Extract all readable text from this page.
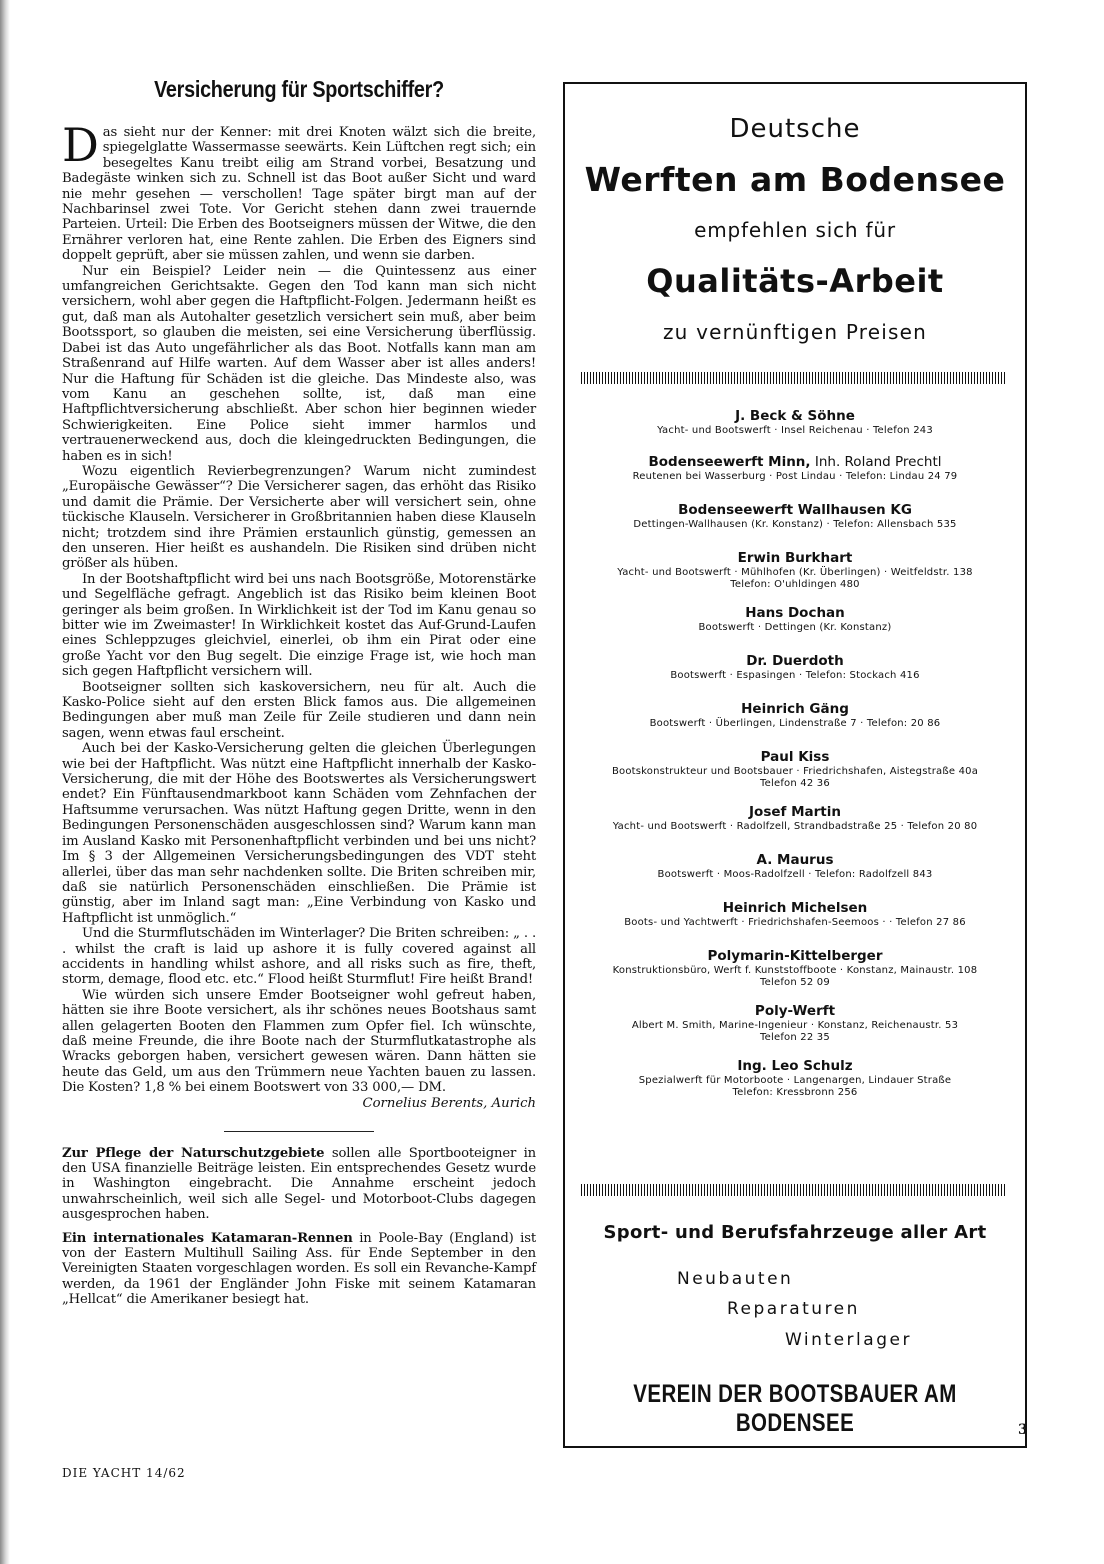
Versicherung für Sportschiffer?

Das sieht nur der Kenner: mit drei Knoten wälzt sich die breite, spiegelglatte Wassermasse seewärts. Kein Lüftchen regt sich; ein besegeltes Kanu treibt eilig am Strand vorbei, Besatzung und Badegäste winken sich zu. Schnell ist das Boot außer Sicht und ward nie mehr gesehen — verschollen! Tage später birgt man auf der Nachbarinsel zwei Tote. Vor Gericht stehen dann zwei trauernde Parteien. Urteil: Die Erben des Bootseigners müssen der Witwe, die den Ernährer verloren hat, eine Rente zahlen. Die Erben des Eigners sind doppelt geprüft, aber sie müssen zahlen, und wenn sie darben.

Nur ein Beispiel? Leider nein — die Quintessenz aus einer umfangreichen Gerichtsakte. Gegen den Tod kann man sich nicht versichern, wohl aber gegen die Haftpflicht-Folgen. Jedermann heißt es gut, daß man als Autohalter gesetzlich versichert sein muß, aber beim Bootssport, so glauben die meisten, sei eine Versicherung überflüssig. Dabei ist das Auto ungefährlicher als das Boot. Notfalls kann man am Straßenrand auf Hilfe warten. Auf dem Wasser aber ist alles anders! Nur die Haftung für Schäden ist die gleiche. Das Mindeste also, was vom Kanu an geschehen sollte, ist, daß man eine Haftpflichtversicherung abschließt. Aber schon hier beginnen wieder Schwierigkeiten. Eine Police sieht immer harmlos und vertrauenerweckend aus, doch die kleingedruckten Bedingungen, die haben es in sich!

Wozu eigentlich Revierbegrenzungen? Warum nicht zumindest „Europäische Gewässer“? Die Versicherer sagen, das erhöht das Risiko und damit die Prämie. Der Versicherte aber will versichert sein, ohne tückische Klauseln. Versicherer in Großbritannien haben diese Klauseln nicht; trotzdem sind ihre Prämien erstaunlich günstig, gemessen an den unseren. Hier heißt es aushandeln. Die Risiken sind drüben nicht größer als hüben.

In der Bootshaftpflicht wird bei uns nach Bootsgröße, Motorenstärke und Segelfläche gefragt. Angeblich ist das Risiko beim kleinen Boot geringer als beim großen. In Wirklichkeit ist der Tod im Kanu genau so bitter wie im Zweimaster! In Wirklichkeit kostet das Auf-Grund-Laufen eines Schleppzuges gleichviel, einerlei, ob ihm ein Pirat oder eine große Yacht vor den Bug segelt. Die einzige Frage ist, wie hoch man sich gegen Haftpflicht versichern will.

Bootseigner sollten sich kaskoversichern, neu für alt. Auch die Kasko-Police sieht auf den ersten Blick famos aus. Die allgemeinen Bedingungen aber muß man Zeile für Zeile studieren und dann nein sagen, wenn etwas faul erscheint.

Auch bei der Kasko-Versicherung gelten die gleichen Überlegungen wie bei der Haftpflicht. Was nützt eine Haftpflicht innerhalb der Kasko-Versicherung, die mit der Höhe des Bootswertes als Versicherungswert endet? Ein Fünftausendmarkboot kann Schäden vom Zehnfachen der Haftsumme verursachen. Was nützt Haftung gegen Dritte, wenn in den Bedingungen Personenschäden ausgeschlossen sind? Warum kann man im Ausland Kasko mit Personenhaftpflicht verbinden und bei uns nicht? Im § 3 der Allgemeinen Versicherungsbedingungen des VDT steht allerlei, über das man sehr nachdenken sollte. Die Briten schreiben mir, daß sie natürlich Personenschäden einschließen. Die Prämie ist günstig, aber im Inland sagt man: „Eine Verbindung von Kasko und Haftpflicht ist unmöglich.“

Und die Sturmflutschäden im Winterlager? Die Briten schreiben: „ . . . whilst the craft is laid up ashore it is fully covered against all accidents in handling whilst ashore, and all risks such as fire, theft, storm, demage, flood etc. etc.“ Flood heißt Sturmflut! Fire heißt Brand!

Wie würden sich unsere Emder Bootseigner wohl gefreut haben, hätten sie ihre Boote versichert, als ihr schönes neues Bootshaus samt allen gelagerten Booten den Flammen zum Opfer fiel. Ich wünschte, daß meine Freunde, die ihre Boote nach der Sturmflutkatastrophe als Wracks geborgen haben, versichert gewesen wären. Dann hätten sie heute das Geld, um aus den Trümmern neue Yachten bauen zu lassen. Die Kosten? 1,8 % bei einem Bootswert von 33 000,— DM.

Cornelius Berents, Aurich

Zur Pflege der Naturschutzgebiete sollen alle Sportbooteigner in den USA finanzielle Beiträge leisten. Ein entsprechendes Gesetz wurde in Washington eingebracht. Die Annahme erscheint jedoch unwahrscheinlich, weil sich alle Segel- und Motorboot-Clubs dagegen ausgesprochen haben.

Ein internationales Katamaran-Rennen in Poole-Bay (England) ist von der Eastern Multihull Sailing Ass. für Ende September in den Vereinigten Staaten vorgeschlagen worden. Es soll ein Revanche-Kampf werden, da 1961 der Engländer John Fiske mit seinem Katamaran „Hellcat“ die Amerikaner besiegt hat.

DIE YACHT 14/62
3
Deutsche
Werften am Bodensee
empfehlen sich für
Qualitäts-Arbeit
zu vernünftigen Preisen
J. Beck & Söhne
Yacht- und Bootswerft · Insel Reichenau · Telefon 243
Bodenseewerft Minn, Inh. Roland Prechtl
Reutenen bei Wasserburg · Post Lindau · Telefon: Lindau 24 79
Bodenseewerft Wallhausen KG
Dettingen-Wallhausen (Kr. Konstanz) · Telefon: Allensbach 535
Erwin Burkhart
Yacht- und Bootswerft · Mühlhofen (Kr. Überlingen) · Weitfeldstr. 138
Telefon: O'uhldingen 480
Hans Dochan
Bootswerft · Dettingen (Kr. Konstanz)
Dr. Duerdoth
Bootswerft · Espasingen · Telefon: Stockach 416
Heinrich Gäng
Bootswerft · Überlingen, Lindenstraße 7 · Telefon: 20 86
Paul Kiss
Bootskonstrukteur und Bootsbauer · Friedrichshafen, Aistegstraße 40a
Telefon 42 36
Josef Martin
Yacht- und Bootswerft · Radolfzell, Strandbadstraße 25 · Telefon 20 80
A. Maurus
Bootswerft · Moos-Radolfzell · Telefon: Radolfzell 843
Heinrich Michelsen
Boots- und Yachtwerft · Friedrichshafen-Seemoos · · Telefon 27 86
Polymarin-Kittelberger
Konstruktionsbüro, Werft f. Kunststoffboote · Konstanz, Mainaustr. 108
Telefon 52 09
Poly-Werft
Albert M. Smith, Marine-Ingenieur · Konstanz, Reichenaustr. 53
Telefon 22 35
Ing. Leo Schulz
Spezialwerft für Motorboote · Langenargen, Lindauer Straße
Telefon: Kressbronn 256
Sport- und Berufsfahrzeuge aller Art
Neubauten
Reparaturen
Winterlager
VEREIN DER BOOTSBAUER AM BODENSEE
